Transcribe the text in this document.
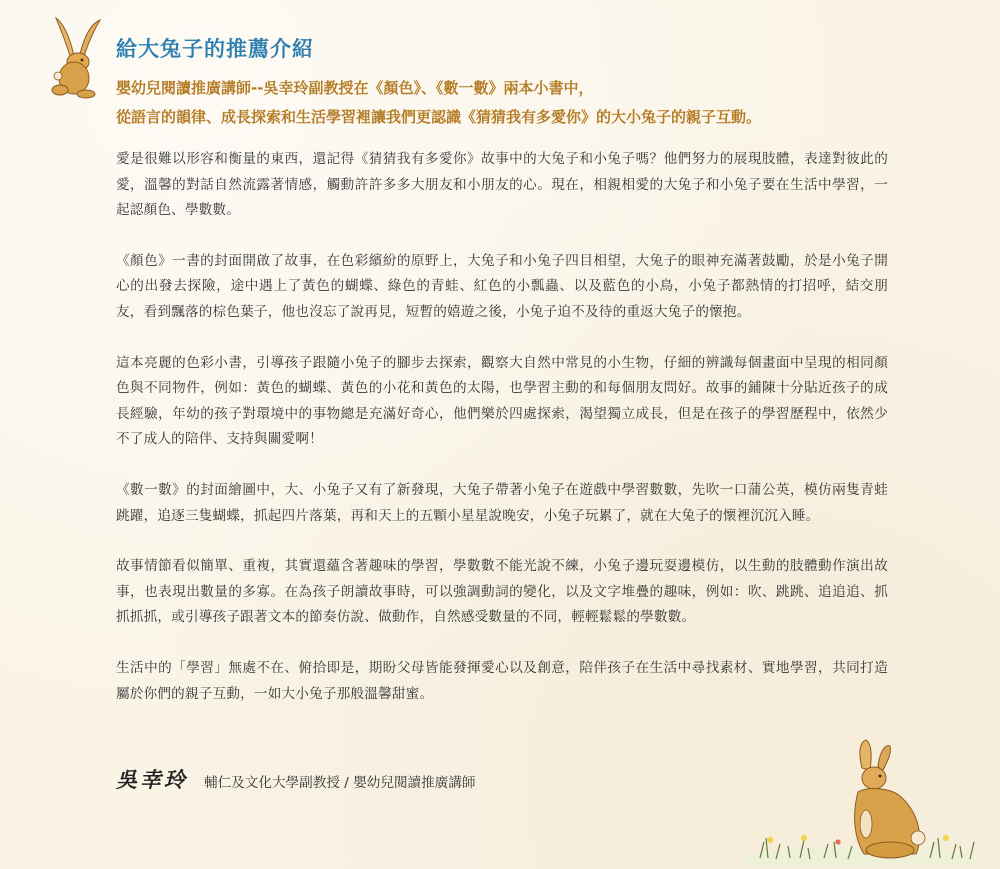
給大兔子的推薦介紹
嬰幼兒閱讀推廣講師--吳幸玲副教授在《顏色》、《數一數》兩本小書中，
從語言的韻律、成長探索和生活學習裡讓我們更認識《猜猜我有多愛你》的大小兔子的親子互動。

愛是很難以形容和衡量的東西，還記得《猜猜我有多愛你》故事中的大兔子和小兔子嗎？他們努力的展現肢體，表達對彼此的愛，溫馨的對話自然流露著情感，觸動許許多多大朋友和小朋友的心。現在，相親相愛的大兔子和小兔子要在生活中學習，一起認顏色、學數數。

《顏色》一書的封面開啟了故事，在色彩繽紛的原野上，大兔子和小兔子四目相望，大兔子的眼神充滿著鼓勵，於是小兔子開心的出發去探險，途中遇上了黃色的蝴蝶、綠色的青蛙、紅色的小瓢蟲、以及藍色的小鳥，小兔子都熱情的打招呼，結交朋友，看到飄落的棕色葉子，他也沒忘了說再見，短暫的嬉遊之後，小兔子迫不及待的重返大兔子的懷抱。

這本亮麗的色彩小書，引導孩子跟隨小兔子的腳步去探索，觀察大自然中常見的小生物，仔細的辨識每個畫面中呈現的相同顏色與不同物件，例如：黃色的蝴蝶、黃色的小花和黃色的太陽，也學習主動的和每個朋友問好。故事的鋪陳十分貼近孩子的成長經驗，年幼的孩子對環境中的事物總是充滿好奇心，他們樂於四處探索，渴望獨立成長，但是在孩子的學習歷程中，依然少不了成人的陪伴、支持與關愛啊！

《數一數》的封面繪圖中，大、小兔子又有了新發現，大兔子帶著小兔子在遊戲中學習數數，先吹一口蒲公英，模仿兩隻青蛙跳躍，追逐三隻蝴蝶，抓起四片落葉，再和天上的五顆小星星說晚安，小兔子玩累了，就在大兔子的懷裡沉沉入睡。

故事情節看似簡單、重複，其實還蘊含著趣味的學習，學數數不能光說不練，小兔子邊玩耍邊模仿，以生動的肢體動作演出故事，也表現出數量的多寡。在為孩子朗讀故事時，可以強調動詞的變化，以及文字堆疊的趣味，例如：吹、跳跳、追追追、抓抓抓抓，或引導孩子跟著文本的節奏仿說、做動作，自然感受數量的不同，輕輕鬆鬆的學數數。

生活中的「學習」無處不在、俯拾即是，期盼父母皆能發揮愛心以及創意，陪伴孩子在生活中尋找素材、實地學習，共同打造屬於你們的親子互動，一如大小兔子那般溫馨甜蜜。

吳幸玲 輔仁及文化大學副教授 / 嬰幼兒閱讀推廣講師
